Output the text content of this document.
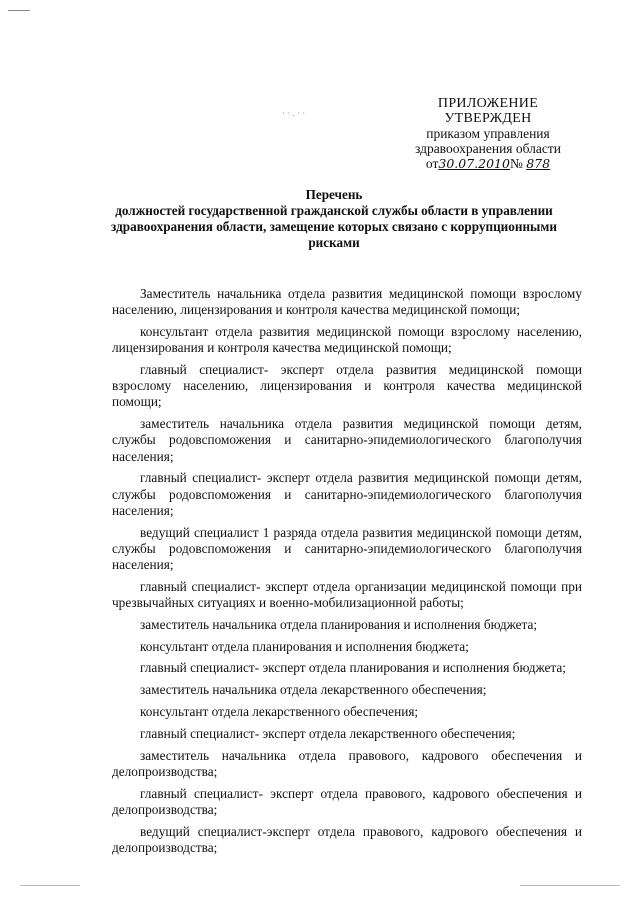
· · . · ·
ПРИЛОЖЕНИЕ
УТВЕРЖДЕН
приказом управления
здравоохранения области
от30.07.2010№ 878
Перечень
должностей государственной гражданской службы области в управлении здравоохранения области, замещение которых связано с коррупционными рисками

Заместитель начальника отдела развития медицинской помощи взрослому населению, лицензирования и контроля качества медицинской помощи;

консультант отдела развития медицинской помощи взрослому населению, лицензирования и контроля качества медицинской помощи;

главный специалист- эксперт отдела развития медицинской помощи взрослому населению, лицензирования и контроля качества медицинской помощи;

заместитель начальника отдела развития медицинской помощи детям, службы родовспоможения и санитарно-эпидемиологического благополучия населения;

главный специалист- эксперт отдела развития медицинской помощи детям, службы родовспоможения и санитарно-эпидемиологического благополучия населения;

ведущий специалист 1 разряда отдела развития медицинской помощи детям, службы родовспоможения и санитарно-эпидемиологического благополучия населения;

главный специалист- эксперт отдела организации медицинской помощи при чрезвычайных ситуациях и военно-мобилизационной работы;

заместитель начальника отдела планирования и исполнения бюджета;

консультант отдела планирования и исполнения бюджета;

главный специалист- эксперт отдела планирования и исполнения бюджета;

заместитель начальника отдела лекарственного обеспечения;

консультант отдела лекарственного обеспечения;

главный специалист- эксперт отдела лекарственного обеспечения;

заместитель начальника отдела правового, кадрового обеспечения и делопроизводства;

главный специалист- эксперт отдела правового, кадрового обеспечения и делопроизводства;

ведущий специалист-эксперт отдела правового, кадрового обеспечения и делопроизводства;
